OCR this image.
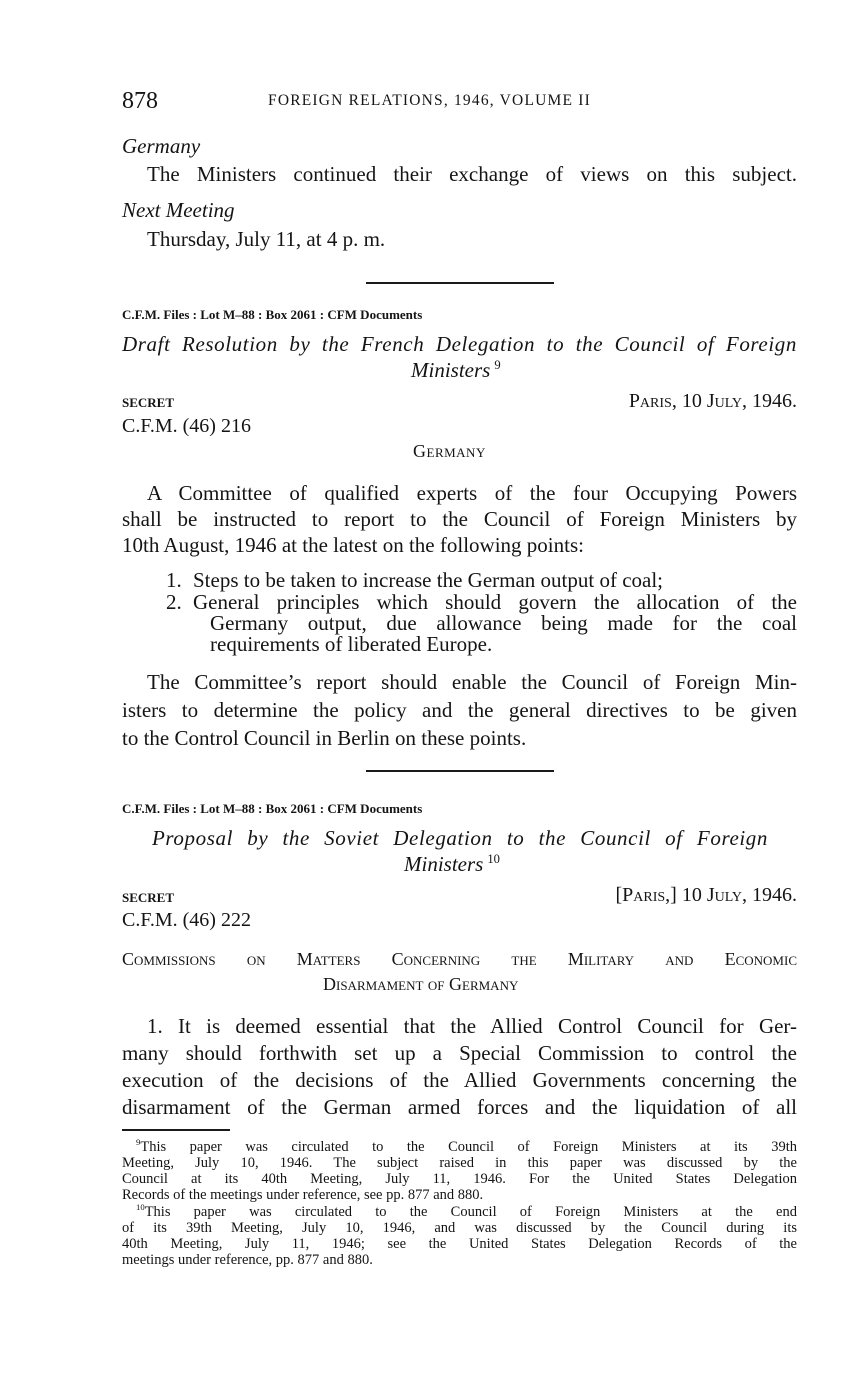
878	FOREIGN RELATIONS, 1946, VOLUME II
Germany
The Ministers continued their exchange of views on this subject.
Next Meeting
Thursday, July 11, at 4 p. m.
C.F.M. Files : Lot M–88 : Box 2061 : CFM Documents
Draft Resolution by the French Delegation to the Council of Foreign
Ministers $^9$
SECRET	Paris, 10 July, 1946.
C.F.M. (46) 216
Germany
A Committee of qualified experts of the four Occupying Powers
shall be instructed to report to the Council of Foreign Ministers by
10th August, 1946 at the latest on the following points:
1. Steps to be taken to increase the German output of coal;
2. General principles which should govern the allocation of the
Germany output, due allowance being made for the coal
requirements of liberated Europe.
The Committee’s report should enable the Council of Foreign Min-
isters to determine the policy and the general directives to be given
to the Control Council in Berlin on these points.
C.F.M. Files : Lot M–88 : Box 2061 : CFM Documents
Proposal by the Soviet Delegation to the Council of Foreign
Ministers $^{10}$
SECRET	[Paris,] 10 July, 1946.
C.F.M. (46) 222
Commissions on Matters Concerning the Military and Economic
Disarmament of Germany
1. It is deemed essential that the Allied Control Council for Ger-
many should forthwith set up a Special Commission to control the
execution of the decisions of the Allied Governments concerning the
disarmament of the German armed forces and the liquidation of all
$^9$This paper was circulated to the Council of Foreign Ministers at its 39th
Meeting, July 10, 1946. The subject raised in this paper was discussed by the
Council at its 40th Meeting, July 11, 1946. For the United States Delegation
Records of the meetings under reference, see pp. 877 and 880.
$^{10}$This paper was circulated to the Council of Foreign Ministers at the end
of its 39th Meeting, July 10, 1946, and was discussed by the Council during its
40th Meeting, July 11, 1946; see the United States Delegation Records of the
meetings under reference, pp. 877 and 880.
